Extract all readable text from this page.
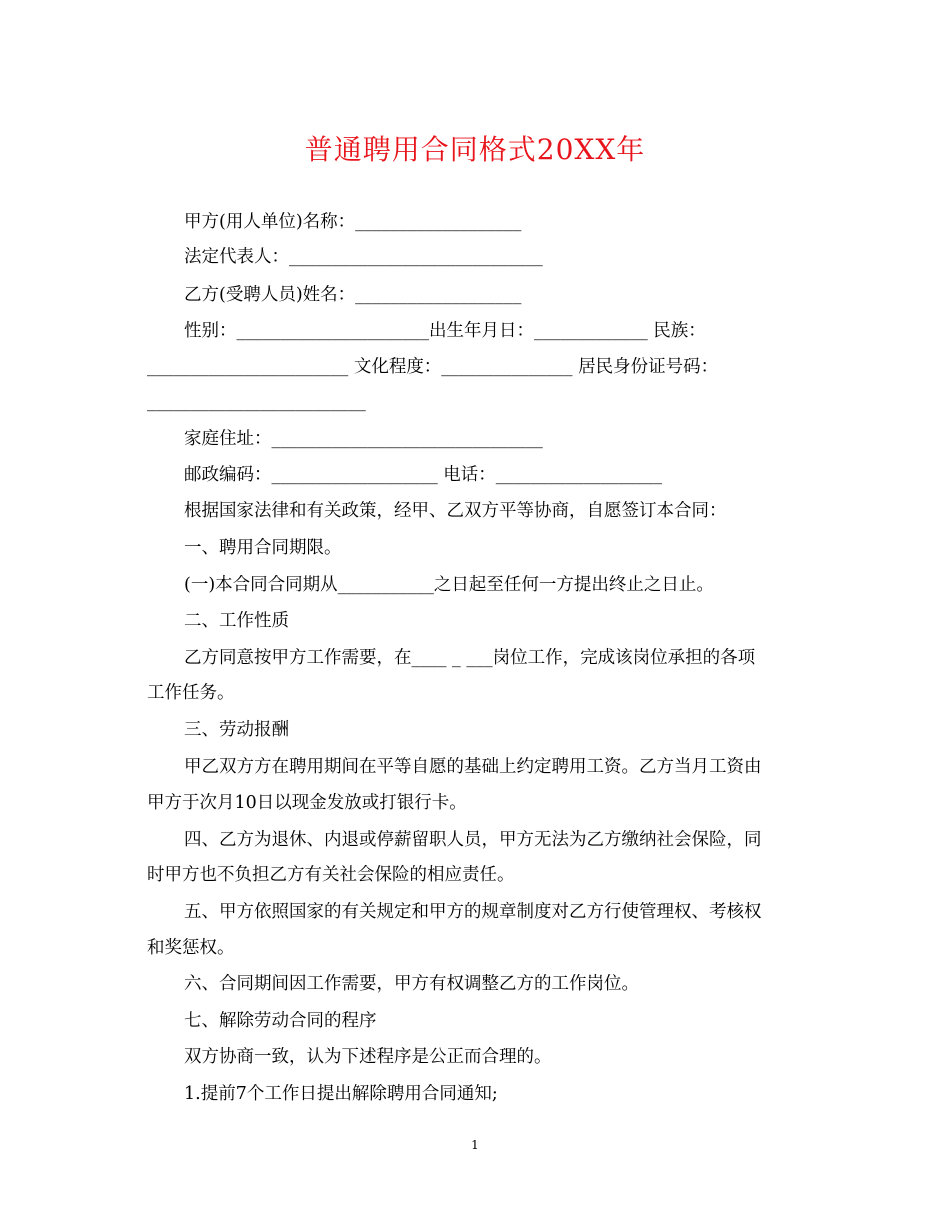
普通聘用合同格式20XX年
甲方(用人单位)名称：___________________
法定代表人：_____________________________
乙方(受聘人员)姓名：___________________
性别：______________________出生年月日：_____________ 民族：
_______________________ 文化程度：_______________ 居民身份证号码：
_________________________
家庭住址：_______________________________
邮政编码：___________________ 电话：___________________
根据国家法律和有关政策，经甲、乙双方平等协商，自愿签订本合同：
一、聘用合同期限。
(一)本合同合同期从___________之日起至任何一方提出终止之日止。
二、工作性质
乙方同意按甲方工作需要，在____ _ ___岗位工作，完成该岗位承担的各项
工作任务。
三、劳动报酬
甲乙双方方在聘用期间在平等自愿的基础上约定聘用工资。乙方当月工资由
甲方于次月10日以现金发放或打银行卡。
四、乙方为退休、内退或停薪留职人员，甲方无法为乙方缴纳社会保险，同
时甲方也不负担乙方有关社会保险的相应责任。
五、甲方依照国家的有关规定和甲方的规章制度对乙方行使管理权、考核权
和奖惩权。
六、合同期间因工作需要，甲方有权调整乙方的工作岗位。
七、解除劳动合同的程序
双方协商一致，认为下述程序是公正而合理的。
1.提前7个工作日提出解除聘用合同通知;
1
